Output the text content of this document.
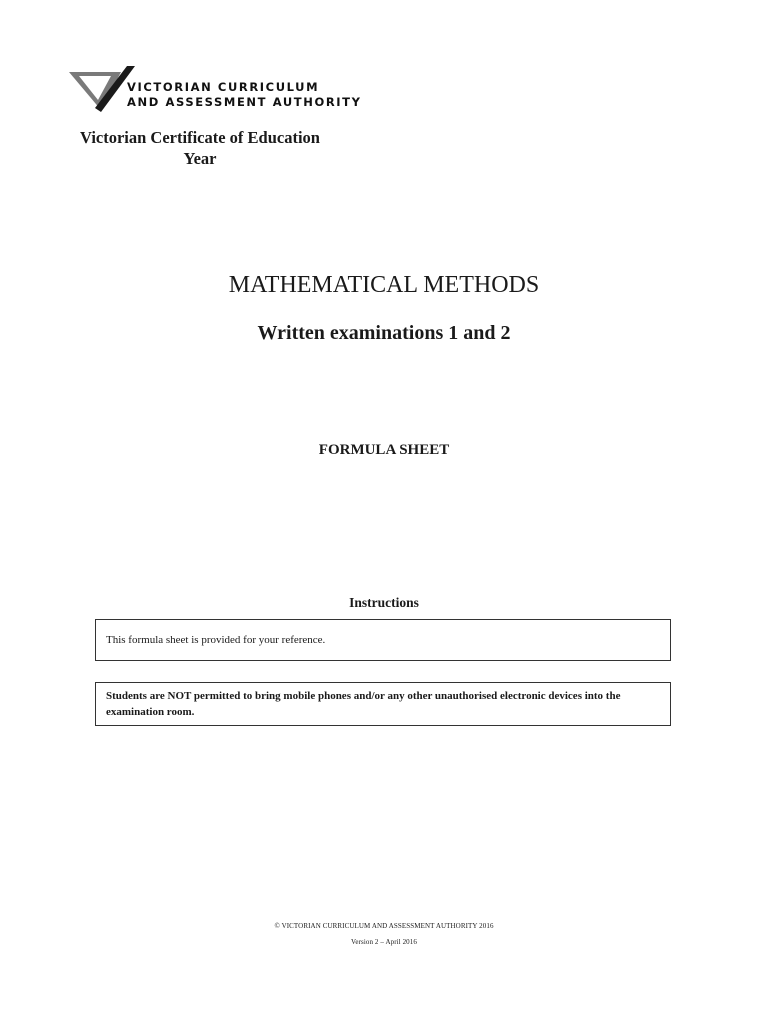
VICTORIAN CURRICULUM
AND ASSESSMENT AUTHORITY
Victorian Certificate of Education
Year
MATHEMATICAL METHODS
Written examinations 1 and 2
FORMULA SHEET
Instructions
This formula sheet is provided for your reference.
Students are NOT permitted to bring mobile phones and/or any other unauthorised electronic devices into the examination room.
© VICTORIAN CURRICULUM AND ASSESSMENT AUTHORITY 2016
Version 2 – April 2016
